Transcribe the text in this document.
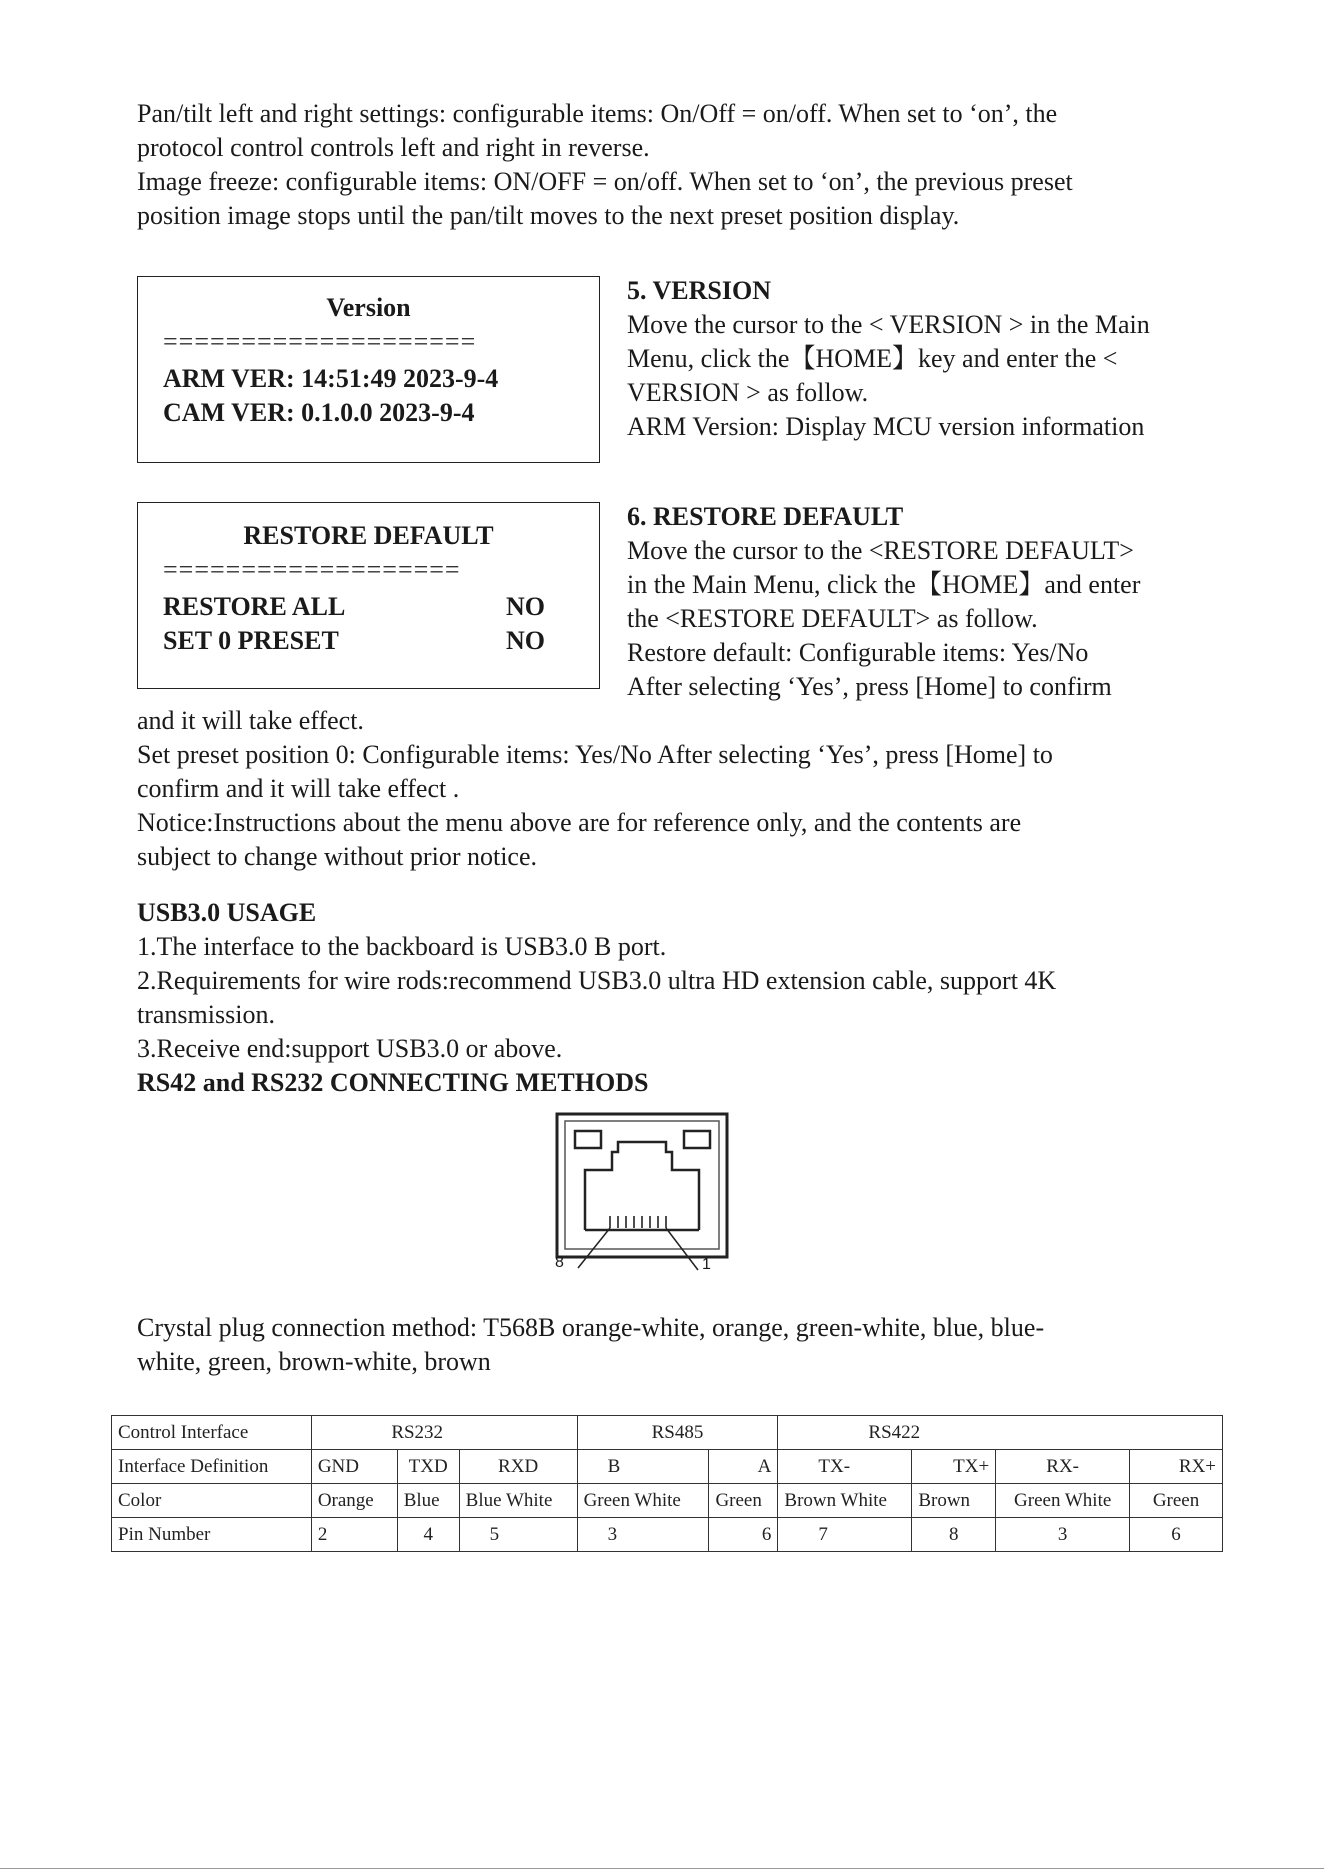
Pan/tilt left and right settings: configurable items: On/Off = on/off. When set to ‘on’, the

protocol control controls left and right in reverse.

Image freeze: configurable items: ON/OFF = on/off. When set to ‘on’, the previous preset

position image stops until the pan/tilt moves to the next preset position display.

Version
====================
ARM VER: 14:51:49 2023-9-4
CAM VER: 0.1.0.0 2023-9-4
5. VERSION
Move the cursor to the < VERSION > in the Main
Menu, click the【HOME】key and enter the <
VERSION > as follow.
ARM Version: Display MCU version information
RESTORE DEFAULT
===================
RESTORE ALL	NO
SET 0 PRESET	NO
6. RESTORE DEFAULT
Move the cursor to the <RESTORE DEFAULT>
in the Main Menu, click the【HOME】and enter
the <RESTORE DEFAULT> as follow.
Restore default: Configurable items: Yes/No
After selecting ‘Yes’, press [Home] to confirm

and it will take effect.

Set preset position 0: Configurable items: Yes/No After selecting ‘Yes’, press [Home] to

confirm and it will take effect .

Notice:Instructions about the menu above are for reference only, and the contents are

subject to change without prior notice.

USB3.0 USAGE

1.The interface to the backboard is USB3.0 B port.

2.Requirements for wire rods:recommend USB3.0 ultra HD extension cable, support 4K

transmission.

3.Receive end:support USB3.0 or above.

RS42 and RS232 CONNECTING METHODS

8	1

Crystal plug connection method: T568B orange-white, orange, green-white, blue, blue-

white, green, brown-white, brown

Control Interface	RS232			RS485		RS422			
Interface Definition	GND	TXD	RXD	B	A	TX-	TX+	RX-	RX+
Color	Orange	Blue	Blue White	Green White	Green	Brown White	Brown	Green White	Green
Pin Number	2	4	5	3	6	7	8	3	6
